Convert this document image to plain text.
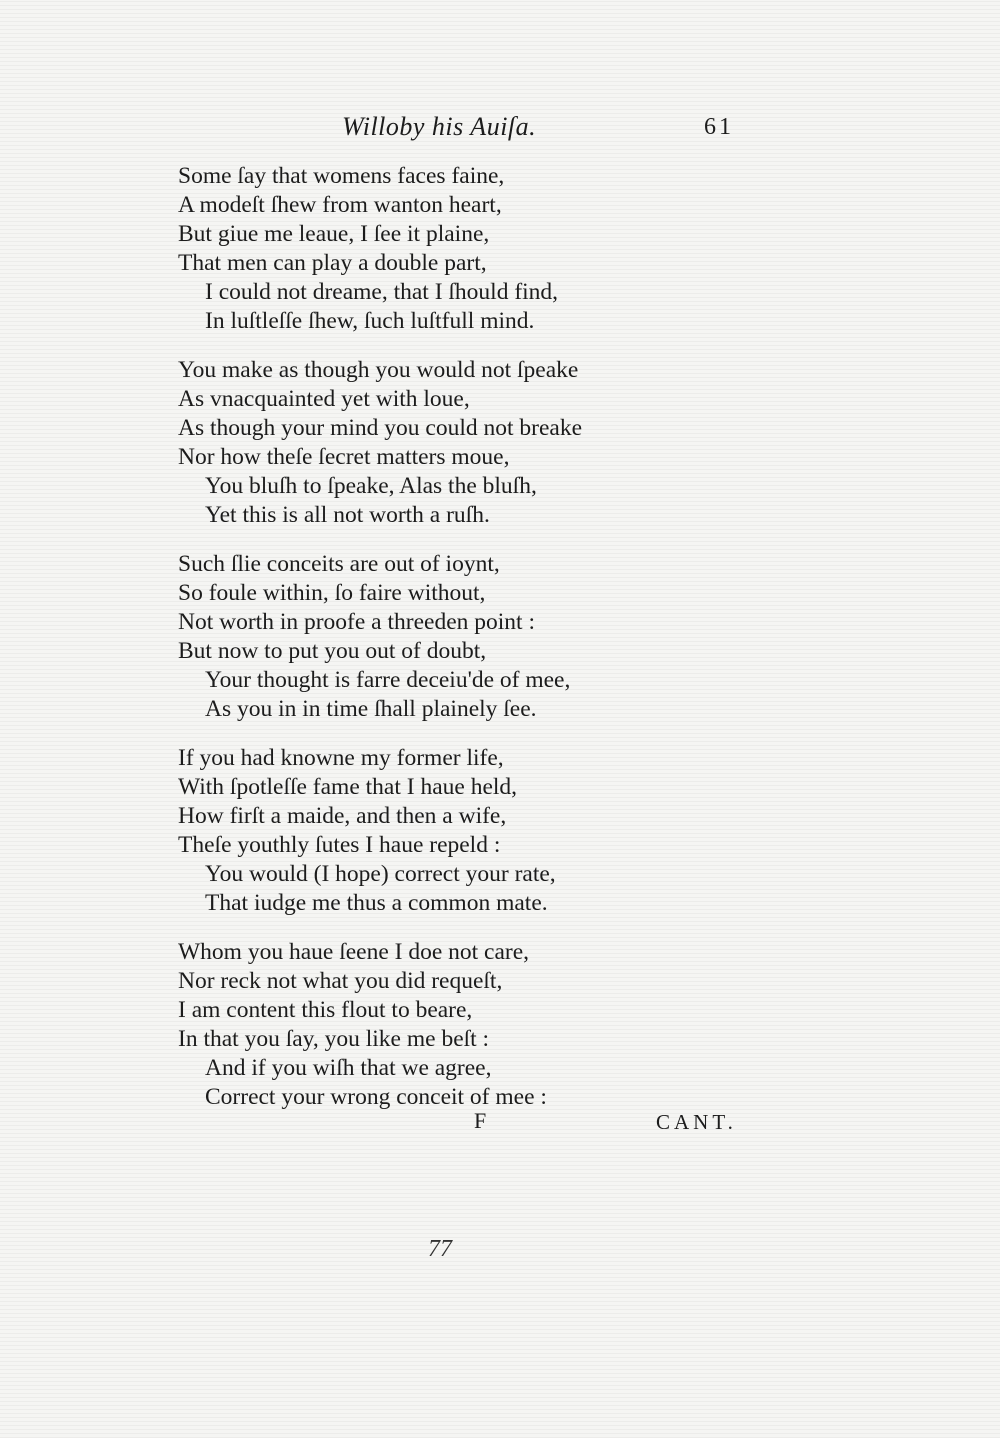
Willoby his Auiſa.	61
Some ſay that womens faces faine,
A modeſt ſhew from wanton heart,
But giue me leaue, I ſee it plaine,
That men can play a double part,
I could not dreame, that I ſhould find,
In luſtleſſe ſhew, ſuch luſtfull mind.
You make as though you would not ſpeake
As vnacquainted yet with loue,
As though your mind you could not breake
Nor how theſe ſecret matters moue,
You bluſh to ſpeake, Alas the bluſh,
Yet this is all not worth a ruſh.
Such ſlie conceits are out of ioynt,
So foule within, ſo faire without,
Not worth in proofe a threeden point :
But now to put you out of doubt,
Your thought is farre deceiu'de of mee,
As you in in time ſhall plainely ſee.
If you had knowne my former life,
With ſpotleſſe fame that I haue held,
How firſt a maide, and then a wife,
Theſe youthly ſutes I haue repeld :
You would (I hope) correct your rate,
That iudge me thus a common mate.
Whom you haue ſeene I doe not care,
Nor reck not what you did requeſt,
I am content this flout to beare,
In that you ſay, you like me beſt :
And if you wiſh that we agree,
Correct your wrong conceit of mee :
F	CANT.
77
